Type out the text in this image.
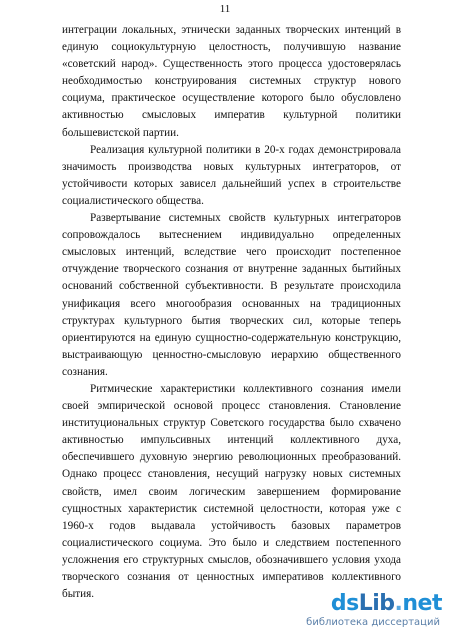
11

интеграции локальных, этнически заданных творческих интенций в единую социокультурную целостность, получившую название «советский народ». Существенность этого процесса удостоверялась необходимостью конструирования системных структур нового социума, практическое осуществление которого было обусловлено активностью смысловых императив культурной политики большевистской партии.

Реализация культурной политики в 20-х годах демонстрировала значимость производства новых культурных интеграторов, от устойчивости которых зависел дальнейший успех в строительстве социалистического общества.

Развертывание системных свойств культурных интеграторов сопровождалось вытеснением индивидуально определенных смысловых интенций, вследствие чего происходит постепенное отчуждение творческого сознания от внутренне заданных бытийных оснований собственной субъективности. В результате происходила унификация всего многообразия основанных на традиционных структурах культурного бытия творческих сил, которые теперь ориентируются на единую сущностно-содержательную конструкцию, выстраивающую ценностно-смысловую иерархию общественного сознания.

Ритмические характеристики коллективного сознания имели своей эмпирической основой процесс становления. Становление институциональных структур Советского государства было схвачено активностью импульсивных интенций коллективного духа, обеспечившего духовную энергию революционных преобразований. Однако процесс становления, несущий нагрузку новых системных свойств, имел своим логическим завершением формирование сущностных характеристик системной целостности, которая уже с 1960-х годов выдавала устойчивость базовых параметров социалистического социума. Это было и следствием постепенного усложнения его структурных смыслов, обозначившего условия ухода творческого сознания от ценностных императивов коллективного бытия.	dsLib.net
библиотека диссертаций
